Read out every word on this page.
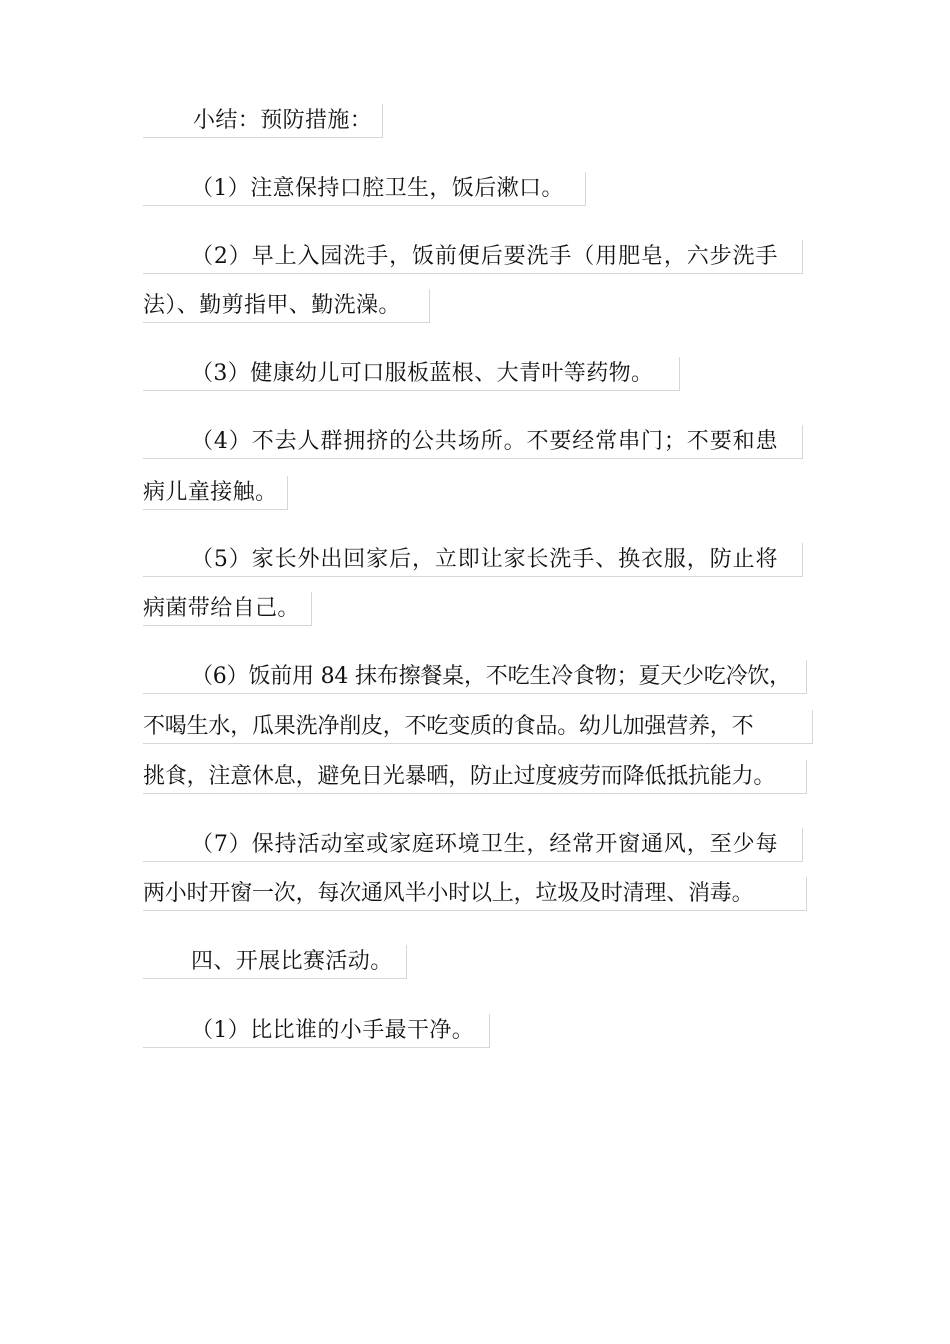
小结：预防措施：
（1）注意保持口腔卫生，饭后漱口。
（2）早上入园洗手，饭前便后要洗手（用肥皂，六步洗手
法）、勤剪指甲、勤洗澡。
（3）健康幼儿可口服板蓝根、大青叶等药物。
（4）不去人群拥挤的公共场所。不要经常串门；不要和患
病儿童接触。
（5）家长外出回家后，立即让家长洗手、换衣服，防止将
病菌带给自己。
（6）饭前用 84 抹布擦餐桌，不吃生冷食物；夏天少吃冷饮，
不喝生水，瓜果洗净削皮，不吃变质的食品。幼儿加强营养，不
挑食，注意休息，避免日光暴晒，防止过度疲劳而降低抵抗能力。
（7）保持活动室或家庭环境卫生，经常开窗通风，至少每
两小时开窗一次，每次通风半小时以上，垃圾及时清理、消毒。
四、开展比赛活动。
（1）比比谁的小手最干净。
